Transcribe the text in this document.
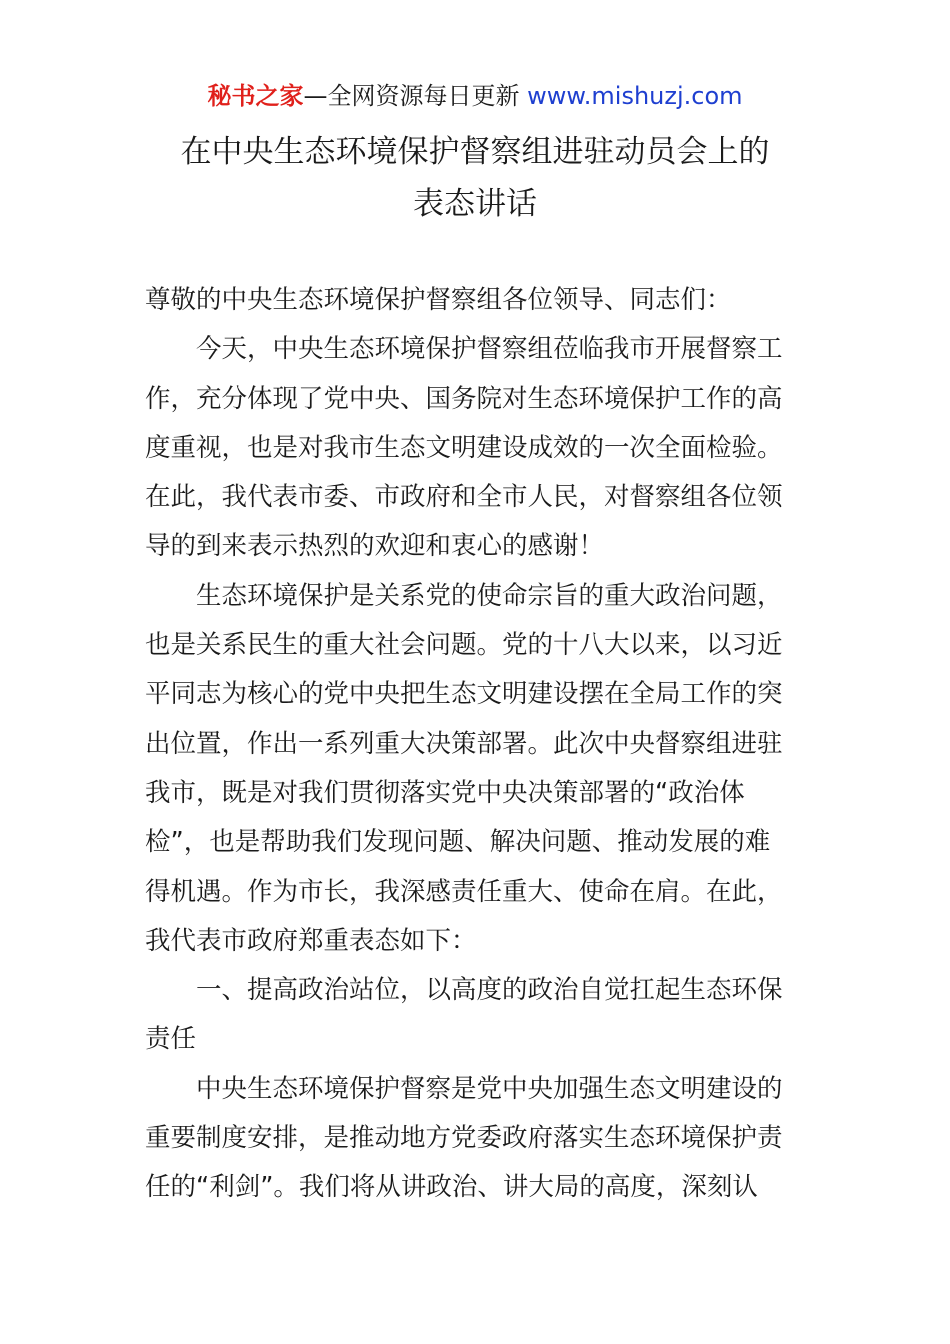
秘书之家—全网资源每日更新 www.mishuzj.com
在中央生态环境保护督察组进驻动员会上的
表态讲话
尊敬的中央生态环境保护督察组各位领导、同志们：
今天，中央生态环境保护督察组莅临我市开展督察工
作，充分体现了党中央、国务院对生态环境保护工作的高
度重视，也是对我市生态文明建设成效的一次全面检验。
在此，我代表市委、市政府和全市人民，对督察组各位领
导的到来表示热烈的欢迎和衷心的感谢！
生态环境保护是关系党的使命宗旨的重大政治问题，
也是关系民生的重大社会问题。党的十八大以来，以习近
平同志为核心的党中央把生态文明建设摆在全局工作的突
出位置，作出一系列重大决策部署。此次中央督察组进驻
我市，既是对我们贯彻落实党中央决策部署的“政治体
检”，也是帮助我们发现问题、解决问题、推动发展的难
得机遇。作为市长，我深感责任重大、使命在肩。在此，
我代表市政府郑重表态如下：
一、提高政治站位，以高度的政治自觉扛起生态环保
责任
中央生态环境保护督察是党中央加强生态文明建设的
重要制度安排，是推动地方党委政府落实生态环境保护责
任的“利剑”。我们将从讲政治、讲大局的高度，深刻认
